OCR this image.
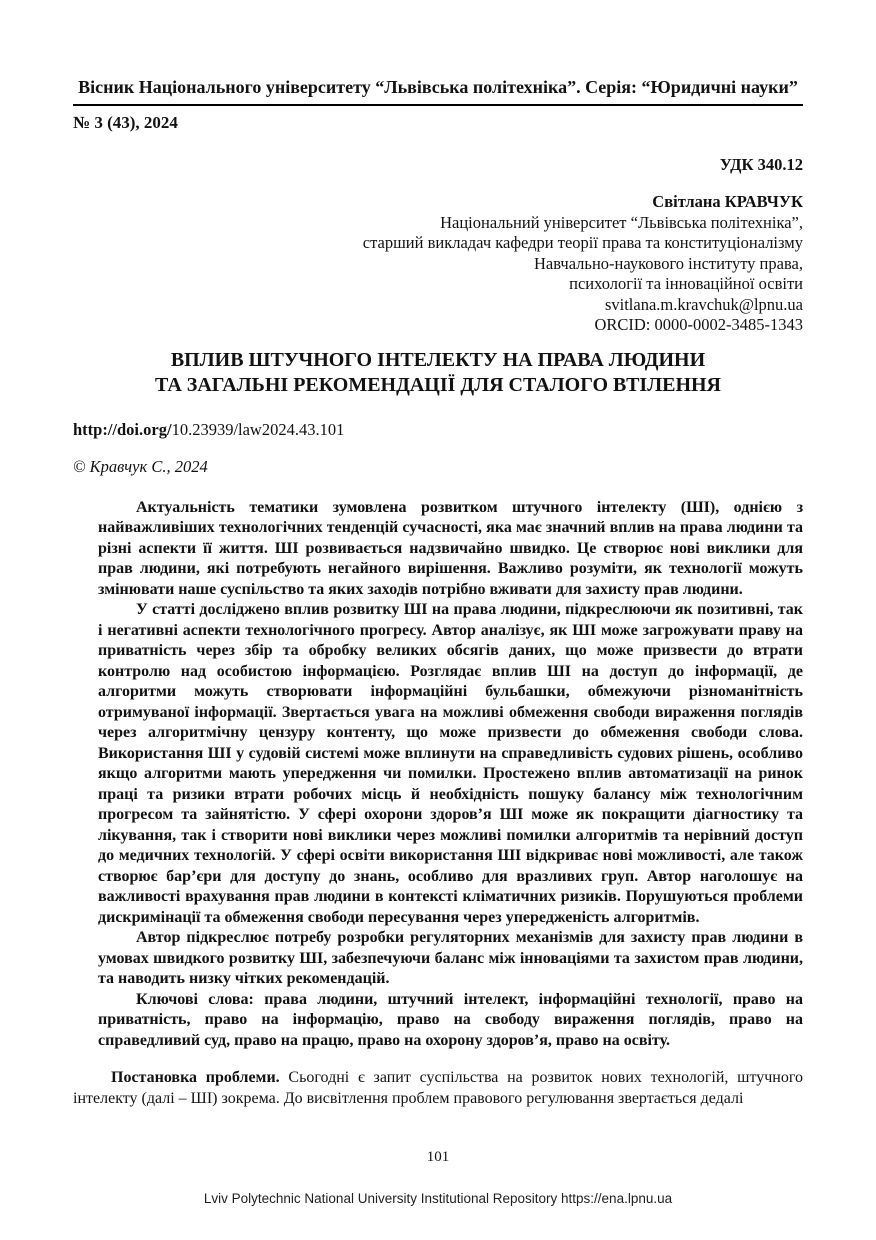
Вісник Національного університету “Львівська політехніка”. Серія: “Юридичні науки”
№ 3 (43), 2024
УДК 340.12
Світлана КРАВЧУК
Національний університет “Львівська політехніка”,
старший викладач кафедри теорії права та конституціоналізму
Навчально-наукового інституту права,
психології та інноваційної освіти
svitlana.m.kravchuk@lpnu.ua
ORCID: 0000-0002-3485-1343
ВПЛИВ ШТУЧНОГО ІНТЕЛЕКТУ НА ПРАВА ЛЮДИНИ
ТА ЗАГАЛЬНІ РЕКОМЕНДАЦІЇ ДЛЯ СТАЛОГО ВТІЛЕННЯ
http://doi.org/10.23939/law2024.43.101
© Кравчук С., 2024

Актуальність тематики зумовлена розвитком штучного інтелекту (ШІ), однією з найважливіших технологічних тенденцій сучасності, яка має значний вплив на права людини та різні аспекти її життя. ШІ розвивається надзвичайно швидко. Це створює нові виклики для прав людини, які потребують негайного вирішення. Важливо розуміти, як технології можуть змінювати наше суспільство та яких заходів потрібно вживати для захисту прав людини.

У статті досліджено вплив розвитку ШІ на права людини, підкреслюючи як позитивні, так і негативні аспекти технологічного прогресу. Автор аналізує, як ШІ може загрожувати праву на приватність через збір та обробку великих обсягів даних, що може призвести до втрати контролю над особистою інформацією. Розглядає вплив ШІ на доступ до інформації, де алгоритми можуть створювати інформаційні бульбашки, обмежуючи різноманітність отримуваної інформації. Звертається увага на можливі обмеження свободи вираження поглядів через алгоритмічну цензуру контенту, що може призвести до обмеження свободи слова. Використання ШІ у судовій системі може вплинути на справедливість судових рішень, особливо якщо алгоритми мають упередження чи помилки. Простежено вплив автоматизації на ринок праці та ризики втрати робочих місць й необхідність пошуку балансу між технологічним прогресом та зайнятістю. У сфері охорони здоров’я ШІ може як покращити діагностику та лікування, так і створити нові виклики через можливі помилки алгоритмів та нерівний доступ до медичних технологій. У сфері освіти використання ШІ відкриває нові можливості, але також створює бар’єри для доступу до знань, особливо для вразливих груп. Автор наголошує на важливості врахування прав людини в контексті кліматичних ризиків. Порушуються проблеми дискримінації та обмеження свободи пересування через упередженість алгоритмів.

Автор підкреслює потребу розробки регуляторних механізмів для захисту прав людини в умовах швидкого розвитку ШІ, забезпечуючи баланс між інноваціями та захистом прав людини, та наводить низку чітких рекомендацій.

Ключові слова: права людини, штучний інтелект, інформаційні технології, право на приватність, право на інформацію, право на свободу вираження поглядів, право на справедливий суд, право на працю, право на охорону здоров’я, право на освіту.

Постановка проблеми. Сьогодні є запит суспільства на розвиток нових технологій, штучного інтелекту (далі – ШІ) зокрема. До висвітлення проблем правового регулювання звертається дедалі

101
Lviv Polytechnic National University Institutional Repository https://ena.lpnu.ua
